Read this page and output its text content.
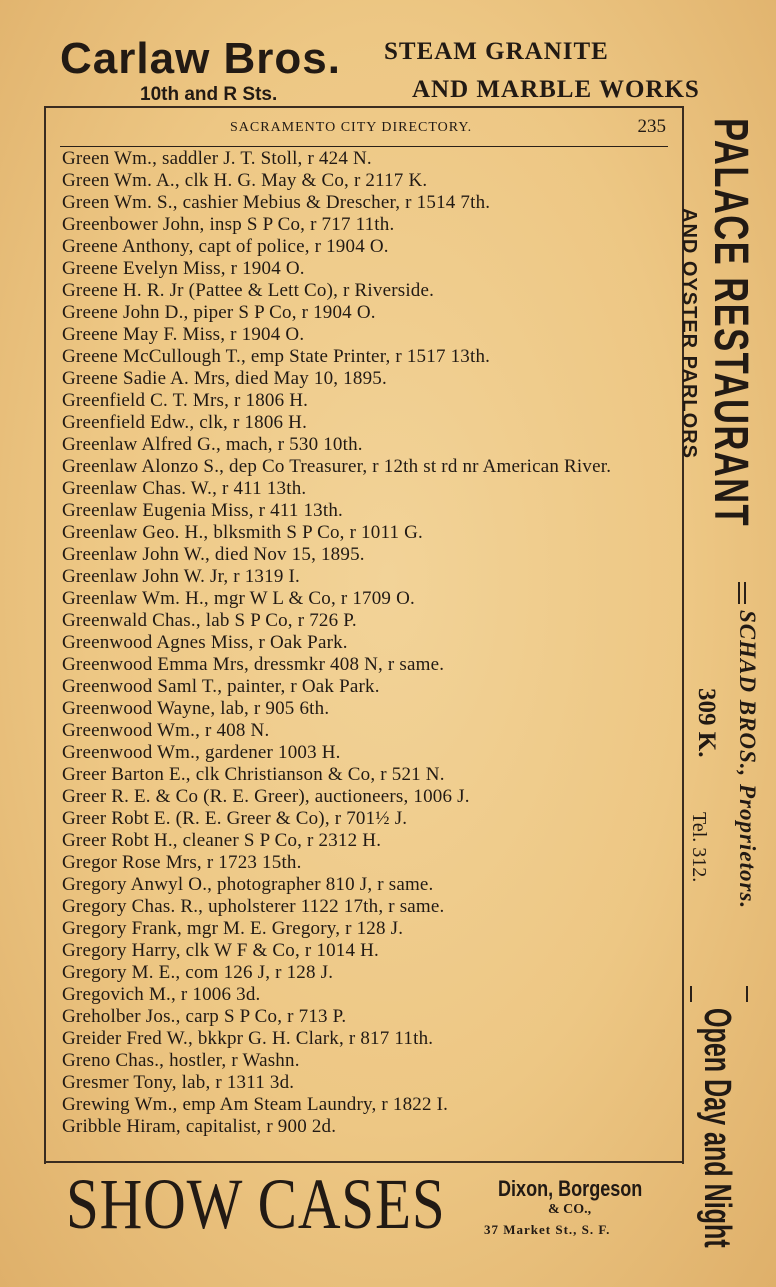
Carlaw Bros.
10th and R Sts.
STEAM GRANITE
AND MARBLE WORKS
SACRAMENTO CITY DIRECTORY.	235
Green Wm., saddler J. T. Stoll, r 424 N.
Green Wm. A., clk H. G. May & Co, r 2117 K.
Green Wm. S., cashier Mebius & Drescher, r 1514 7th.
Greenbower John, insp S P Co, r 717 11th.
Greene Anthony, capt of police, r 1904 O.
Greene Evelyn Miss, r 1904 O.
Greene H. R. Jr (Pattee & Lett Co), r Riverside.
Greene John D., piper S P Co, r 1904 O.
Greene May F. Miss, r 1904 O.
Greene McCullough T., emp State Printer, r 1517 13th.
Greene Sadie A. Mrs, died May 10, 1895.
Greenfield C. T. Mrs, r 1806 H.
Greenfield Edw., clk, r 1806 H.
Greenlaw Alfred G., mach, r 530 10th.
Greenlaw Alonzo S., dep Co Treasurer, r 12th st rd nr American River.
Greenlaw Chas. W., r 411 13th.
Greenlaw Eugenia Miss, r 411 13th.
Greenlaw Geo. H., blksmith S P Co, r 1011 G.
Greenlaw John W., died Nov 15, 1895.
Greenlaw John W. Jr, r 1319 I.
Greenlaw Wm. H., mgr W L & Co, r 1709 O.
Greenwald Chas., lab S P Co, r 726 P.
Greenwood Agnes Miss, r Oak Park.
Greenwood Emma Mrs, dressmkr 408 N, r same.
Greenwood Saml T., painter, r Oak Park.
Greenwood Wayne, lab, r 905 6th.
Greenwood Wm., r 408 N.
Greenwood Wm., gardener 1003 H.
Greer Barton E., clk Christianson & Co, r 521 N.
Greer R. E. & Co (R. E. Greer), auctioneers, 1006 J.
Greer Robt E. (R. E. Greer & Co), r 701½ J.
Greer Robt H., cleaner S P Co, r 2312 H.
Gregor Rose Mrs, r 1723 15th.
Gregory Anwyl O., photographer 810 J, r same.
Gregory Chas. R., upholsterer 1122 17th, r same.
Gregory Frank, mgr M. E. Gregory, r 128 J.
Gregory Harry, clk W F & Co, r 1014 H.
Gregory M. E., com 126 J, r 128 J.
Gregovich M., r 1006 3d.
Greholber Jos., carp S P Co, r 713 P.
Greider Fred W., bkkpr G. H. Clark, r 817 11th.
Greno Chas., hostler, r Washn.
Gresmer Tony, lab, r 1311 3d.
Grewing Wm., emp Am Steam Laundry, r 1822 I.
Gribble Hiram, capitalist, r 900 2d.
SHOW CASES Dixon, Borgeson
& CO.,
37 Market St., S. F.
PALACE RESTAURANT
AND OYSTER PARLORS
SCHAD BROS., Proprietors.
309 K.
Tel. 312.
Open Day and Night
